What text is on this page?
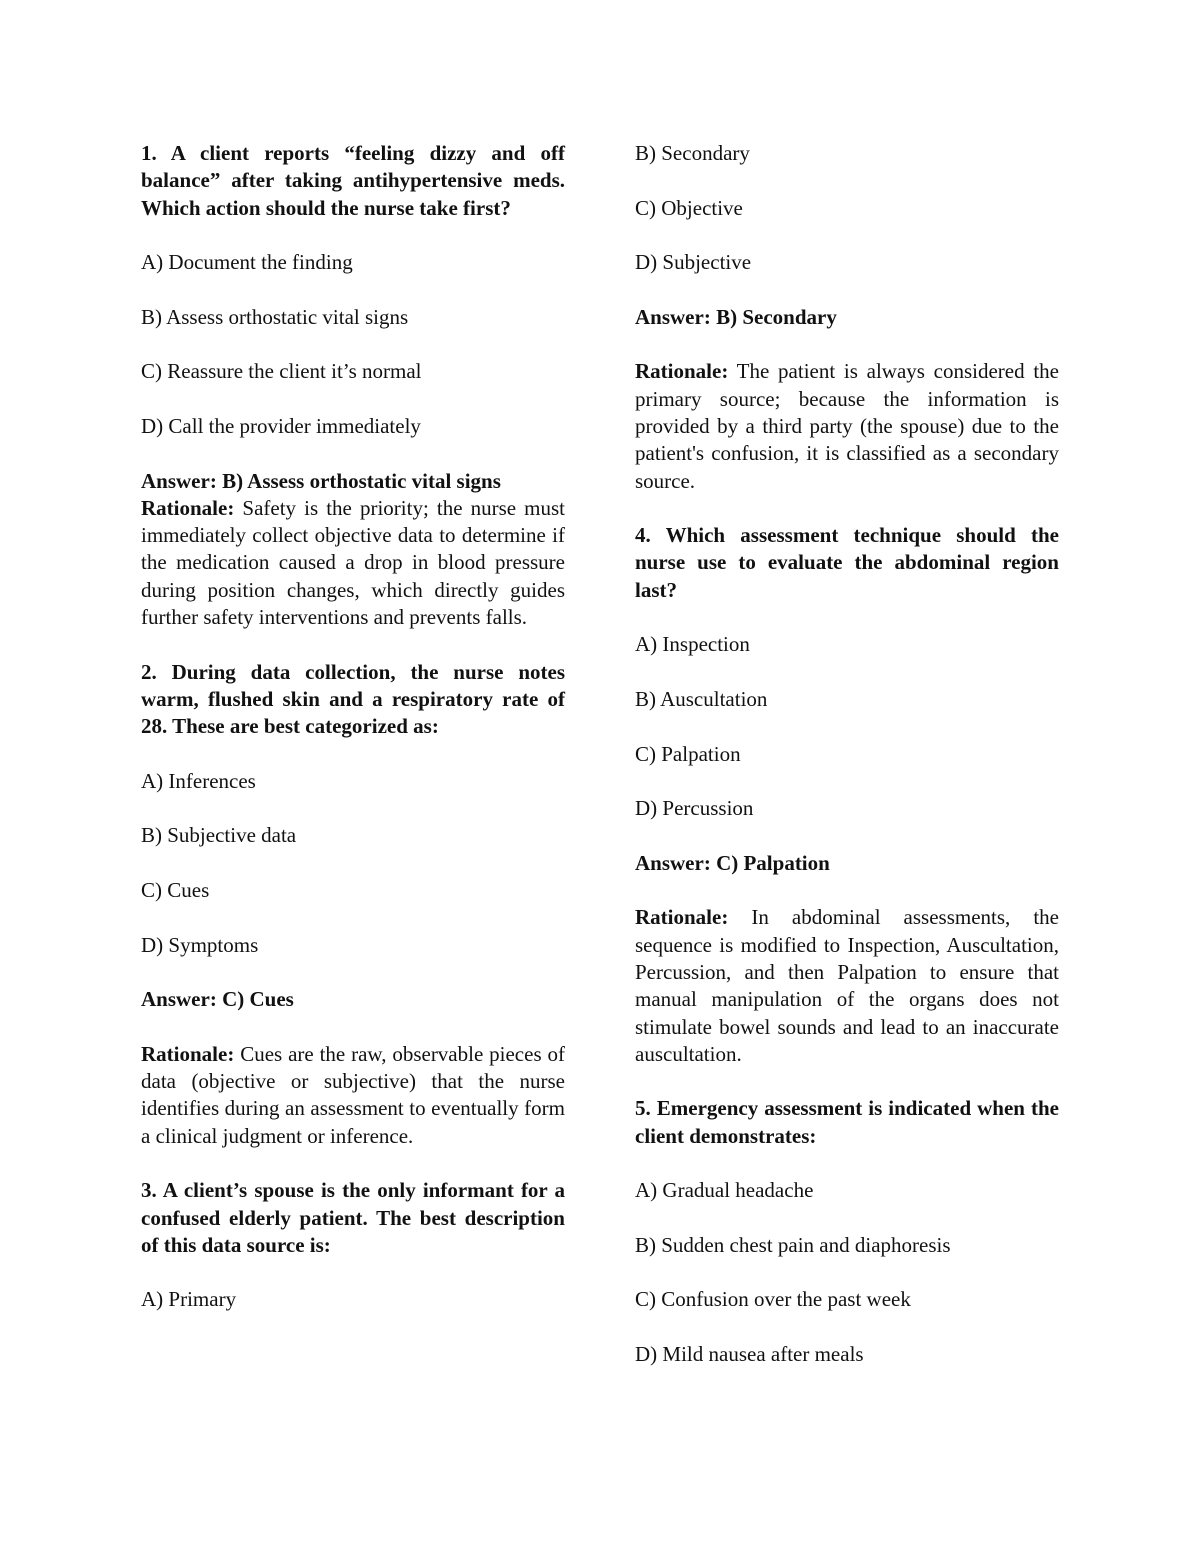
1. A client reports “feeling dizzy and off balance” after taking antihypertensive meds. Which action should the nurse take first?

A) Document the finding

B) Assess orthostatic vital signs

C) Reassure the client it’s normal

D) Call the provider immediately

Answer: B) Assess orthostatic vital signs

Rationale: Safety is the priority; the nurse must immediately collect objective data to determine if the medication caused a drop in blood pressure during position changes, which directly guides further safety interventions and prevents falls.

2. During data collection, the nurse notes warm, flushed skin and a respiratory rate of 28. These are best categorized as:

A) Inferences

B) Subjective data

C) Cues

D) Symptoms

Answer: C) Cues

Rationale: Cues are the raw, observable pieces of data (objective or subjective) that the nurse identifies during an assessment to eventually form a clinical judgment or inference.

3. A client’s spouse is the only informant for a confused elderly patient. The best description of this data source is:

A) Primary

B) Secondary

C) Objective

D) Subjective

Answer: B) Secondary

Rationale: The patient is always considered the primary source; because the information is provided by a third party (the spouse) due to the patient's confusion, it is classified as a secondary source.

4. Which assessment technique should the nurse use to evaluate the abdominal region last?

A) Inspection

B) Auscultation

C) Palpation

D) Percussion

Answer: C) Palpation

Rationale: In abdominal assessments, the sequence is modified to Inspection, Auscultation, Percussion, and then Palpation to ensure that manual manipulation of the organs does not stimulate bowel sounds and lead to an inaccurate auscultation.

5. Emergency assessment is indicated when the client demonstrates:

A) Gradual headache

B) Sudden chest pain and diaphoresis

C) Confusion over the past week

D) Mild nausea after meals
